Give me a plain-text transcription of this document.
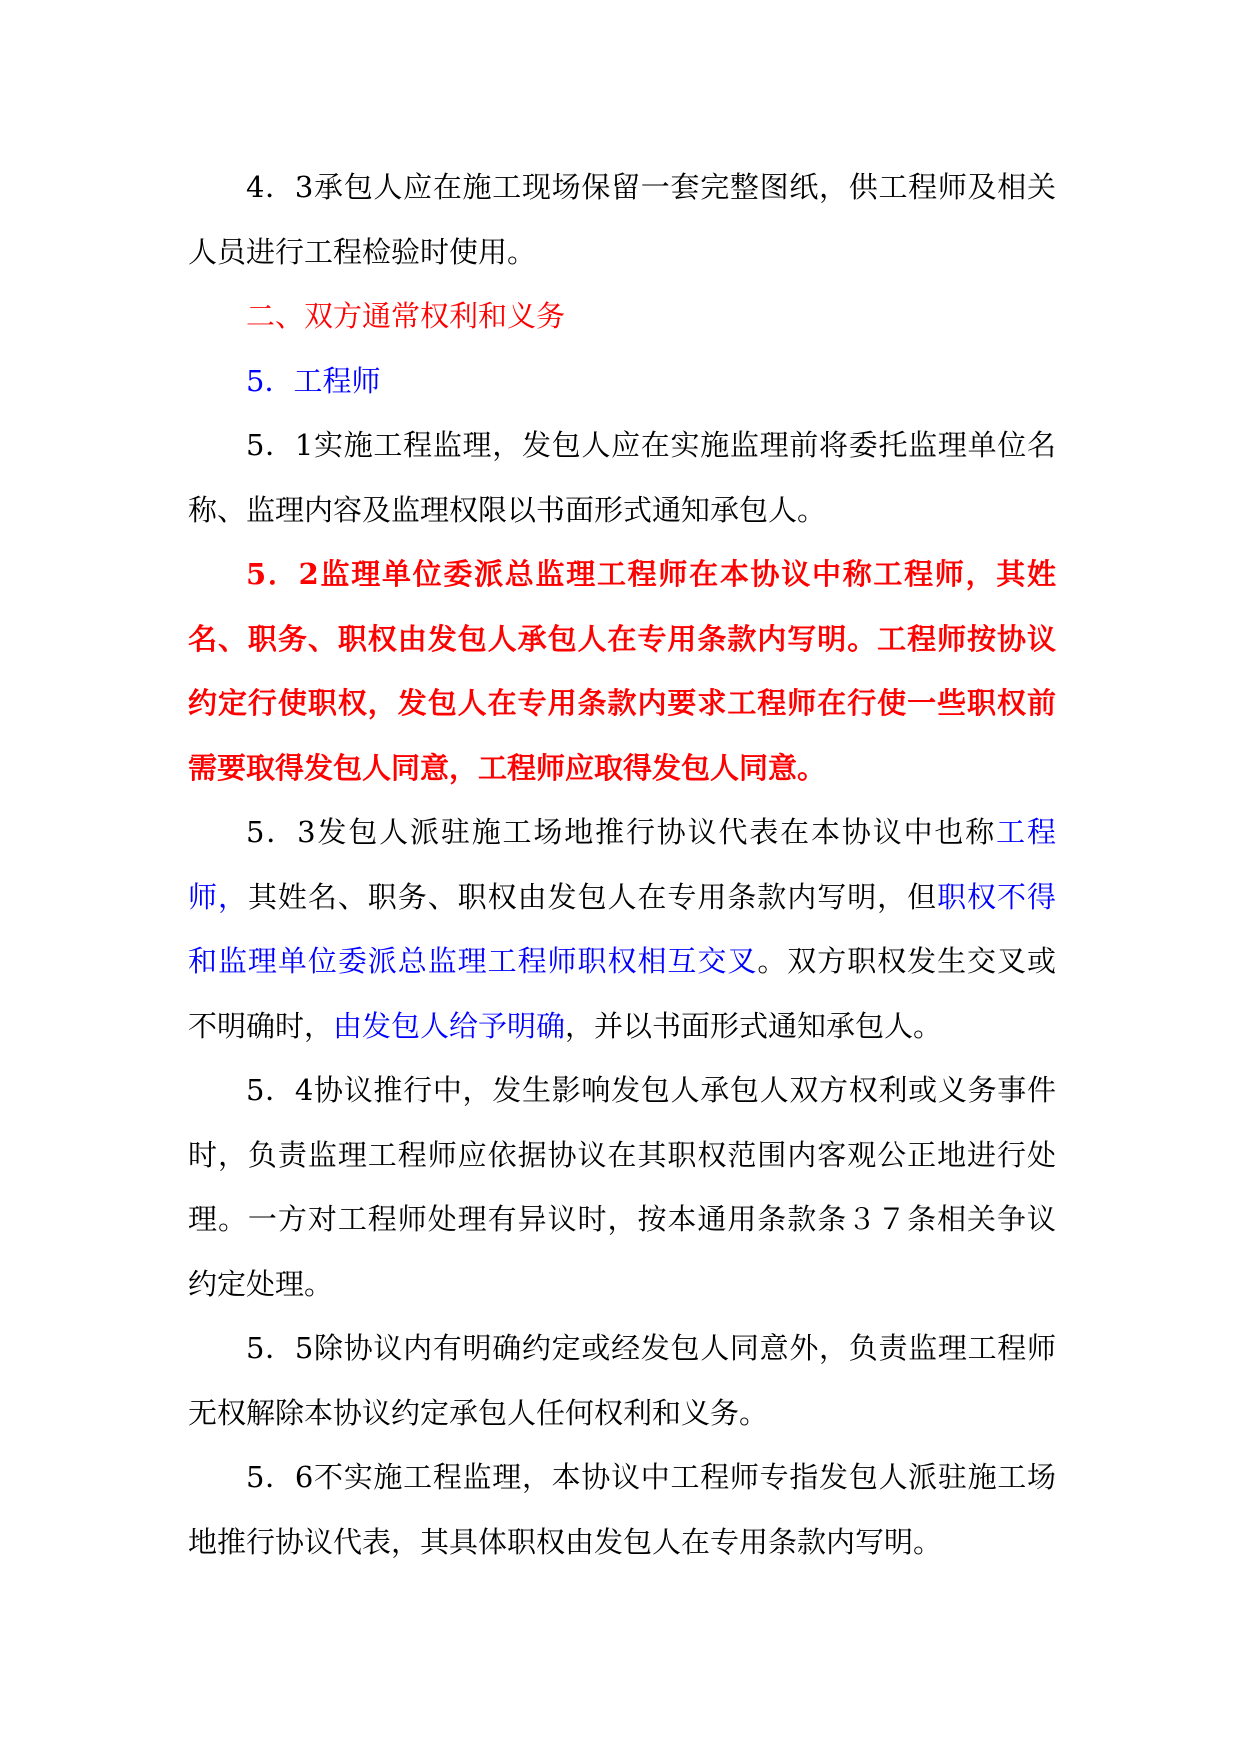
4．3承包人应在施工现场保留一套完整图纸，供工程师及相关人员进行工程检验时使用。

二、双方通常权利和义务

5．工程师

5．1实施工程监理，发包人应在实施监理前将委托监理单位名称、监理内容及监理权限以书面形式通知承包人。

5．2监理单位委派总监理工程师在本协议中称工程师，其姓名、职务、职权由发包人承包人在专用条款内写明。工程师按协议约定行使职权，发包人在专用条款内要求工程师在行使一些职权前需要取得发包人同意，工程师应取得发包人同意。

5．3发包人派驻施工场地推行协议代表在本协议中也称工程师，其姓名、职务、职权由发包人在专用条款内写明，但职权不得和监理单位委派总监理工程师职权相互交叉。双方职权发生交叉或不明确时，由发包人给予明确，并以书面形式通知承包人。

5．4协议推行中，发生影响发包人承包人双方权利或义务事件时，负责监理工程师应依据协议在其职权范围内客观公正地进行处理。一方对工程师处理有异议时，按本通用条款条３７条相关争议约定处理。

5．5除协议内有明确约定或经发包人同意外，负责监理工程师无权解除本协议约定承包人任何权利和义务。

5．6不实施工程监理，本协议中工程师专指发包人派驻施工场地推行协议代表，其具体职权由发包人在专用条款内写明。
